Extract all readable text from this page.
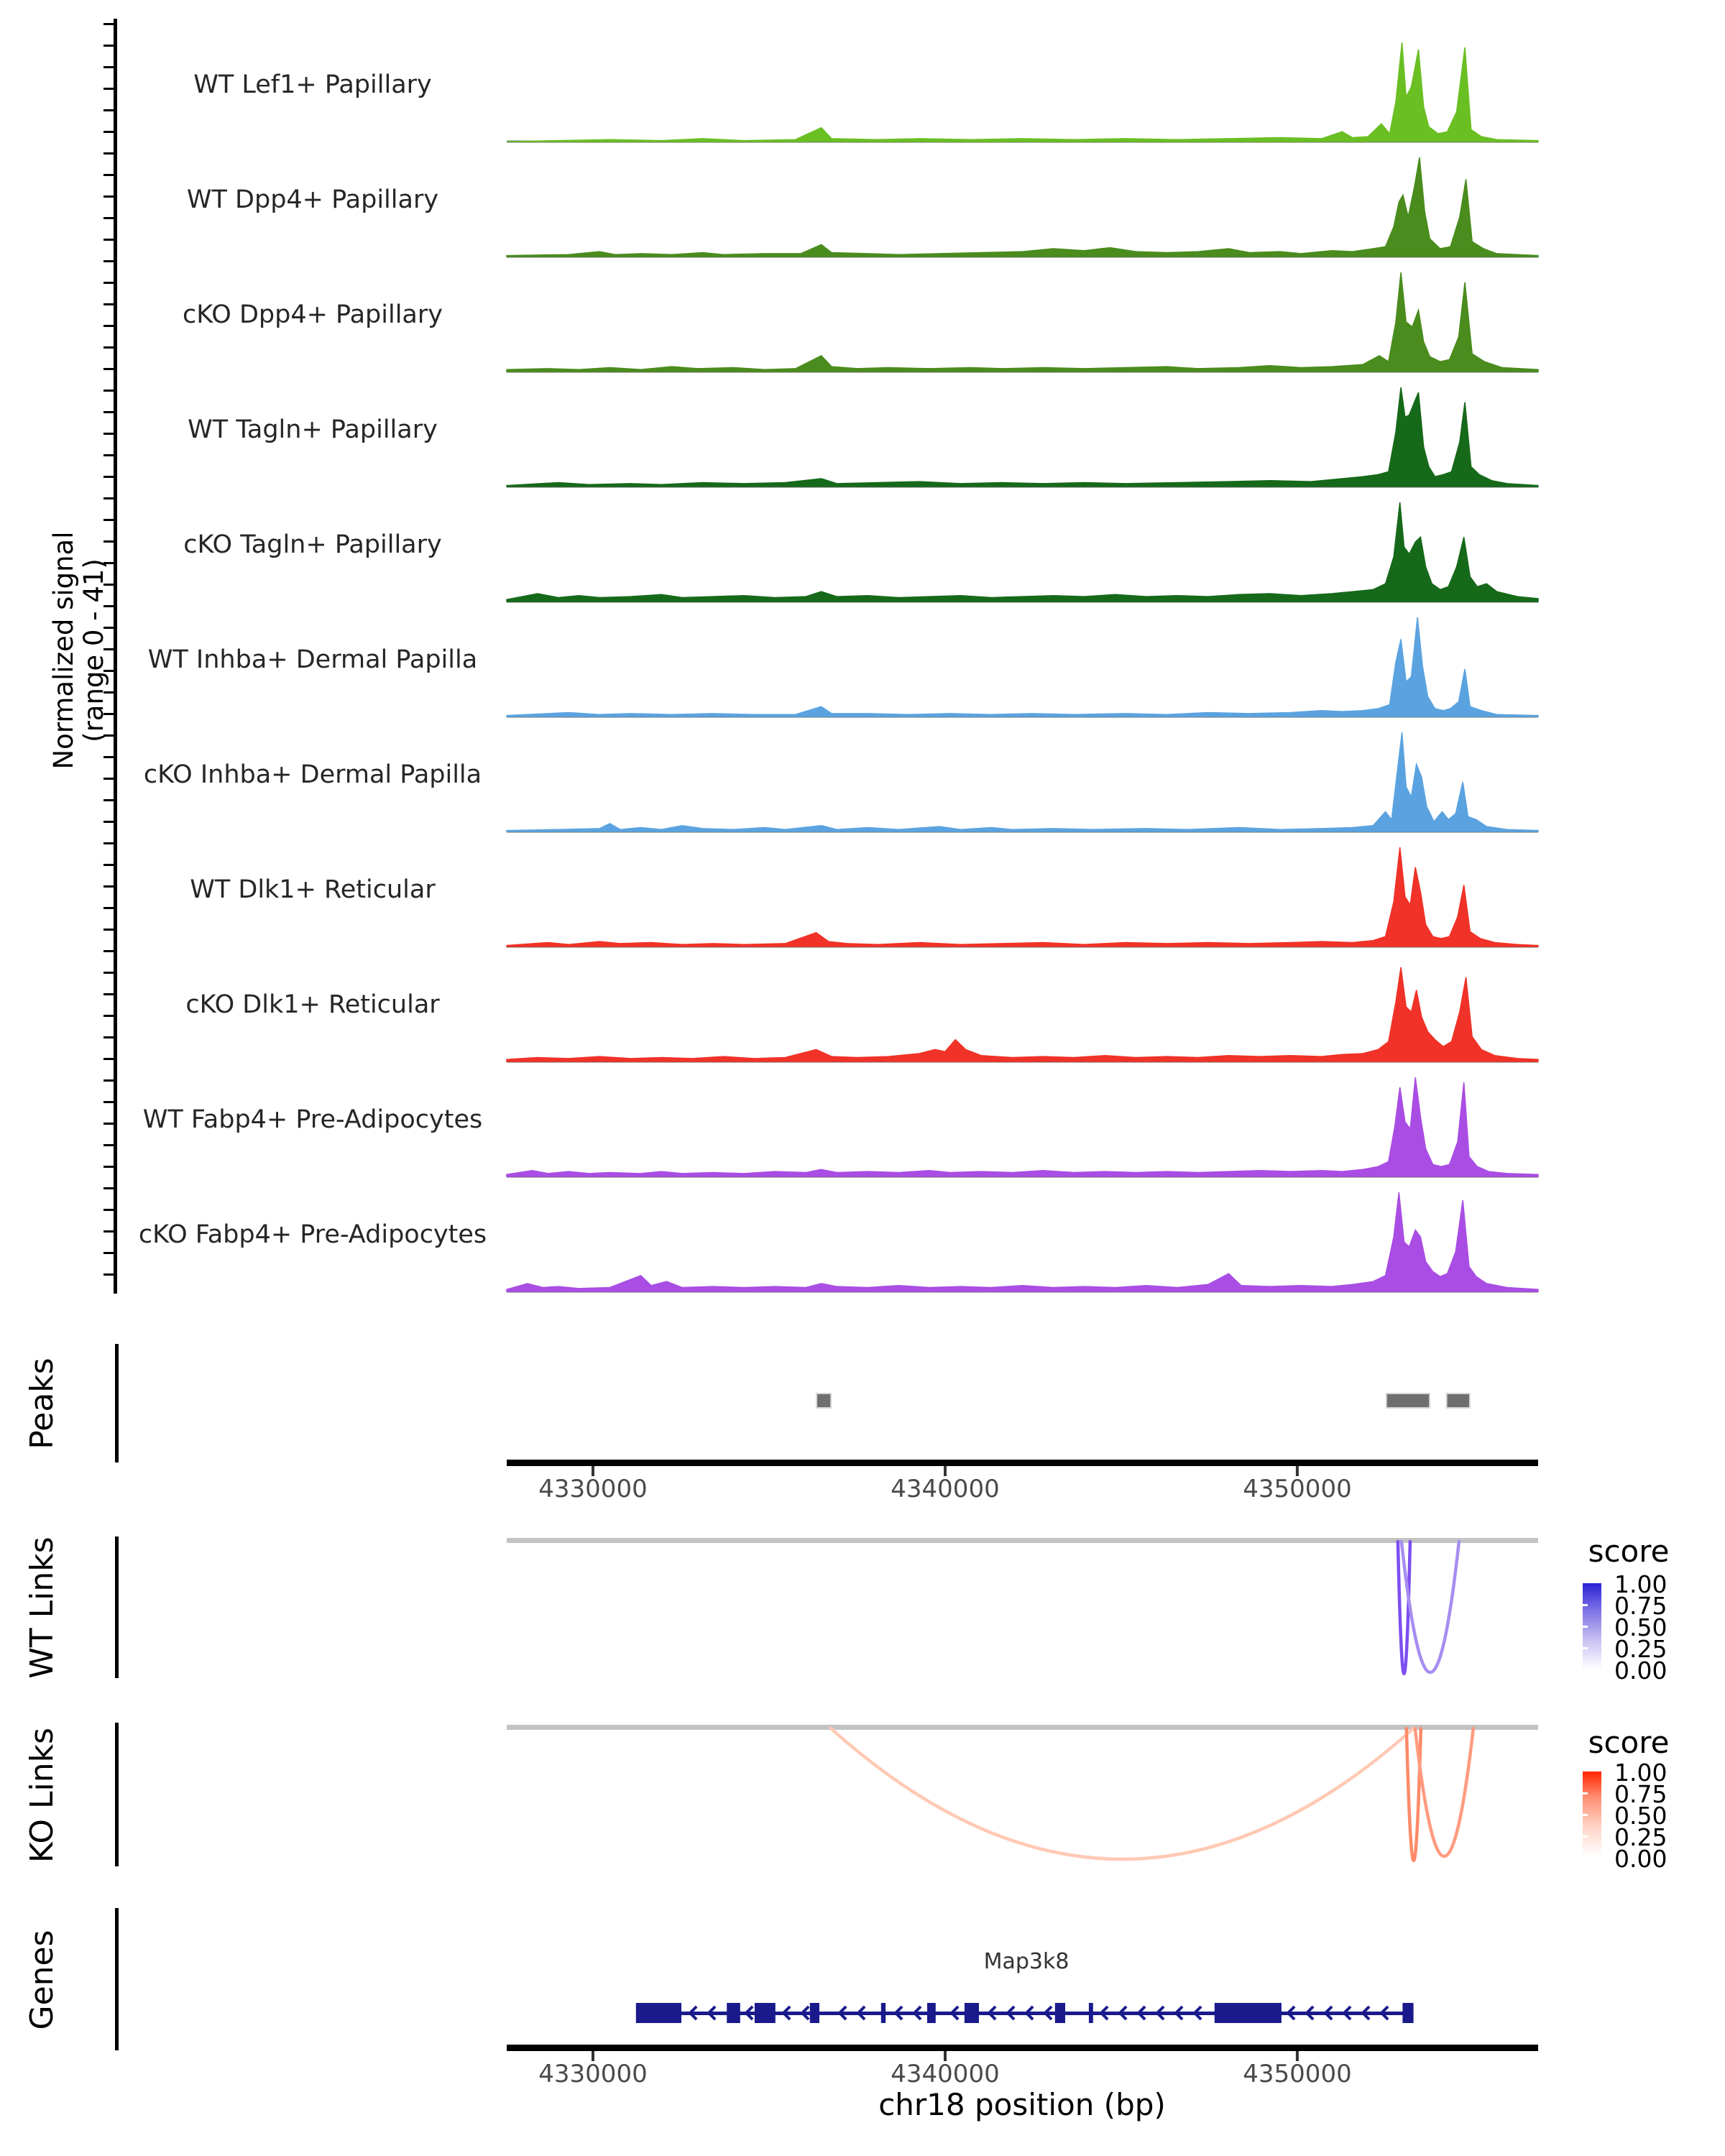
Normalized signal (range 0 - 41)
Peaks
WT Links
KO Links
Genes
4330000	4340000	4350000
4330000	4340000	4350000
chr18 position (bp)
Map3k8
score
1.00
0.75
0.50
0.25
0.00
score
1.00
0.75
0.50
0.25
0.00
WT Lef1+ Papillary
WT Dpp4+ Papillary
cKO Dpp4+ Papillary
WT Tagln+ Papillary
cKO Tagln+ Papillary
WT Inhba+ Dermal Papilla
cKO Inhba+ Dermal Papilla
WT Dlk1+ Reticular
cKO Dlk1+ Reticular
WT Fabp4+ Pre-Adipocytes
cKO Fabp4+ Pre-Adipocytes
